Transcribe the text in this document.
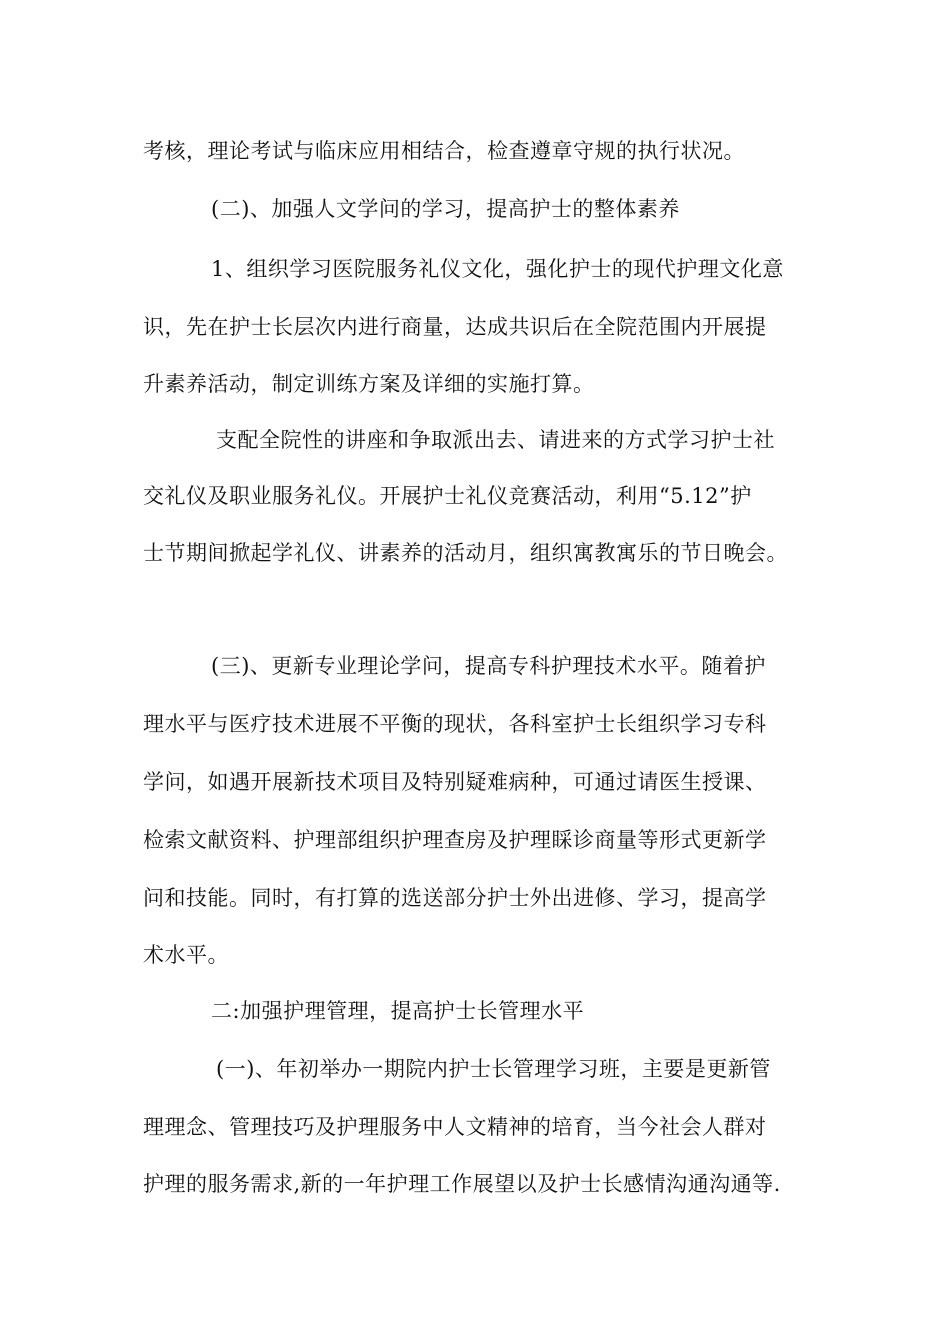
考核，理论考试与临床应用相结合，检查遵章守规的执行状况。
(二)、加强人文学问的学习，提高护士的整体素养
1、组织学习医院服务礼仪文化，强化护士的现代护理文化意
识，先在护士长层次内进行商量，达成共识后在全院范围内开展提
升素养活动，制定训练方案及详细的实施打算。
支配全院性的讲座和争取派出去、请进来的方式学习护士社
交礼仪及职业服务礼仪。开展护士礼仪竞赛活动，利用“5.12”护
士节期间掀起学礼仪、讲素养的活动月，组织寓教寓乐的节日晚会。
(三)、更新专业理论学问，提高专科护理技术水平。随着护
理水平与医疗技术进展不平衡的现状，各科室护士长组织学习专科
学问，如遇开展新技术项目及特别疑难病种，可通过请医生授课、
检索文献资料、护理部组织护理查房及护理睬诊商量等形式更新学
问和技能。同时，有打算的选送部分护士外出进修、学习，提高学
术水平。
二:加强护理管理，提高护士长管理水平
(一)、年初举办一期院内护士长管理学习班，主要是更新管
理理念、管理技巧及护理服务中人文精神的培育，当今社会人群对
护理的服务需求,新的一年护理工作展望以及护士长感情沟通沟通等.
